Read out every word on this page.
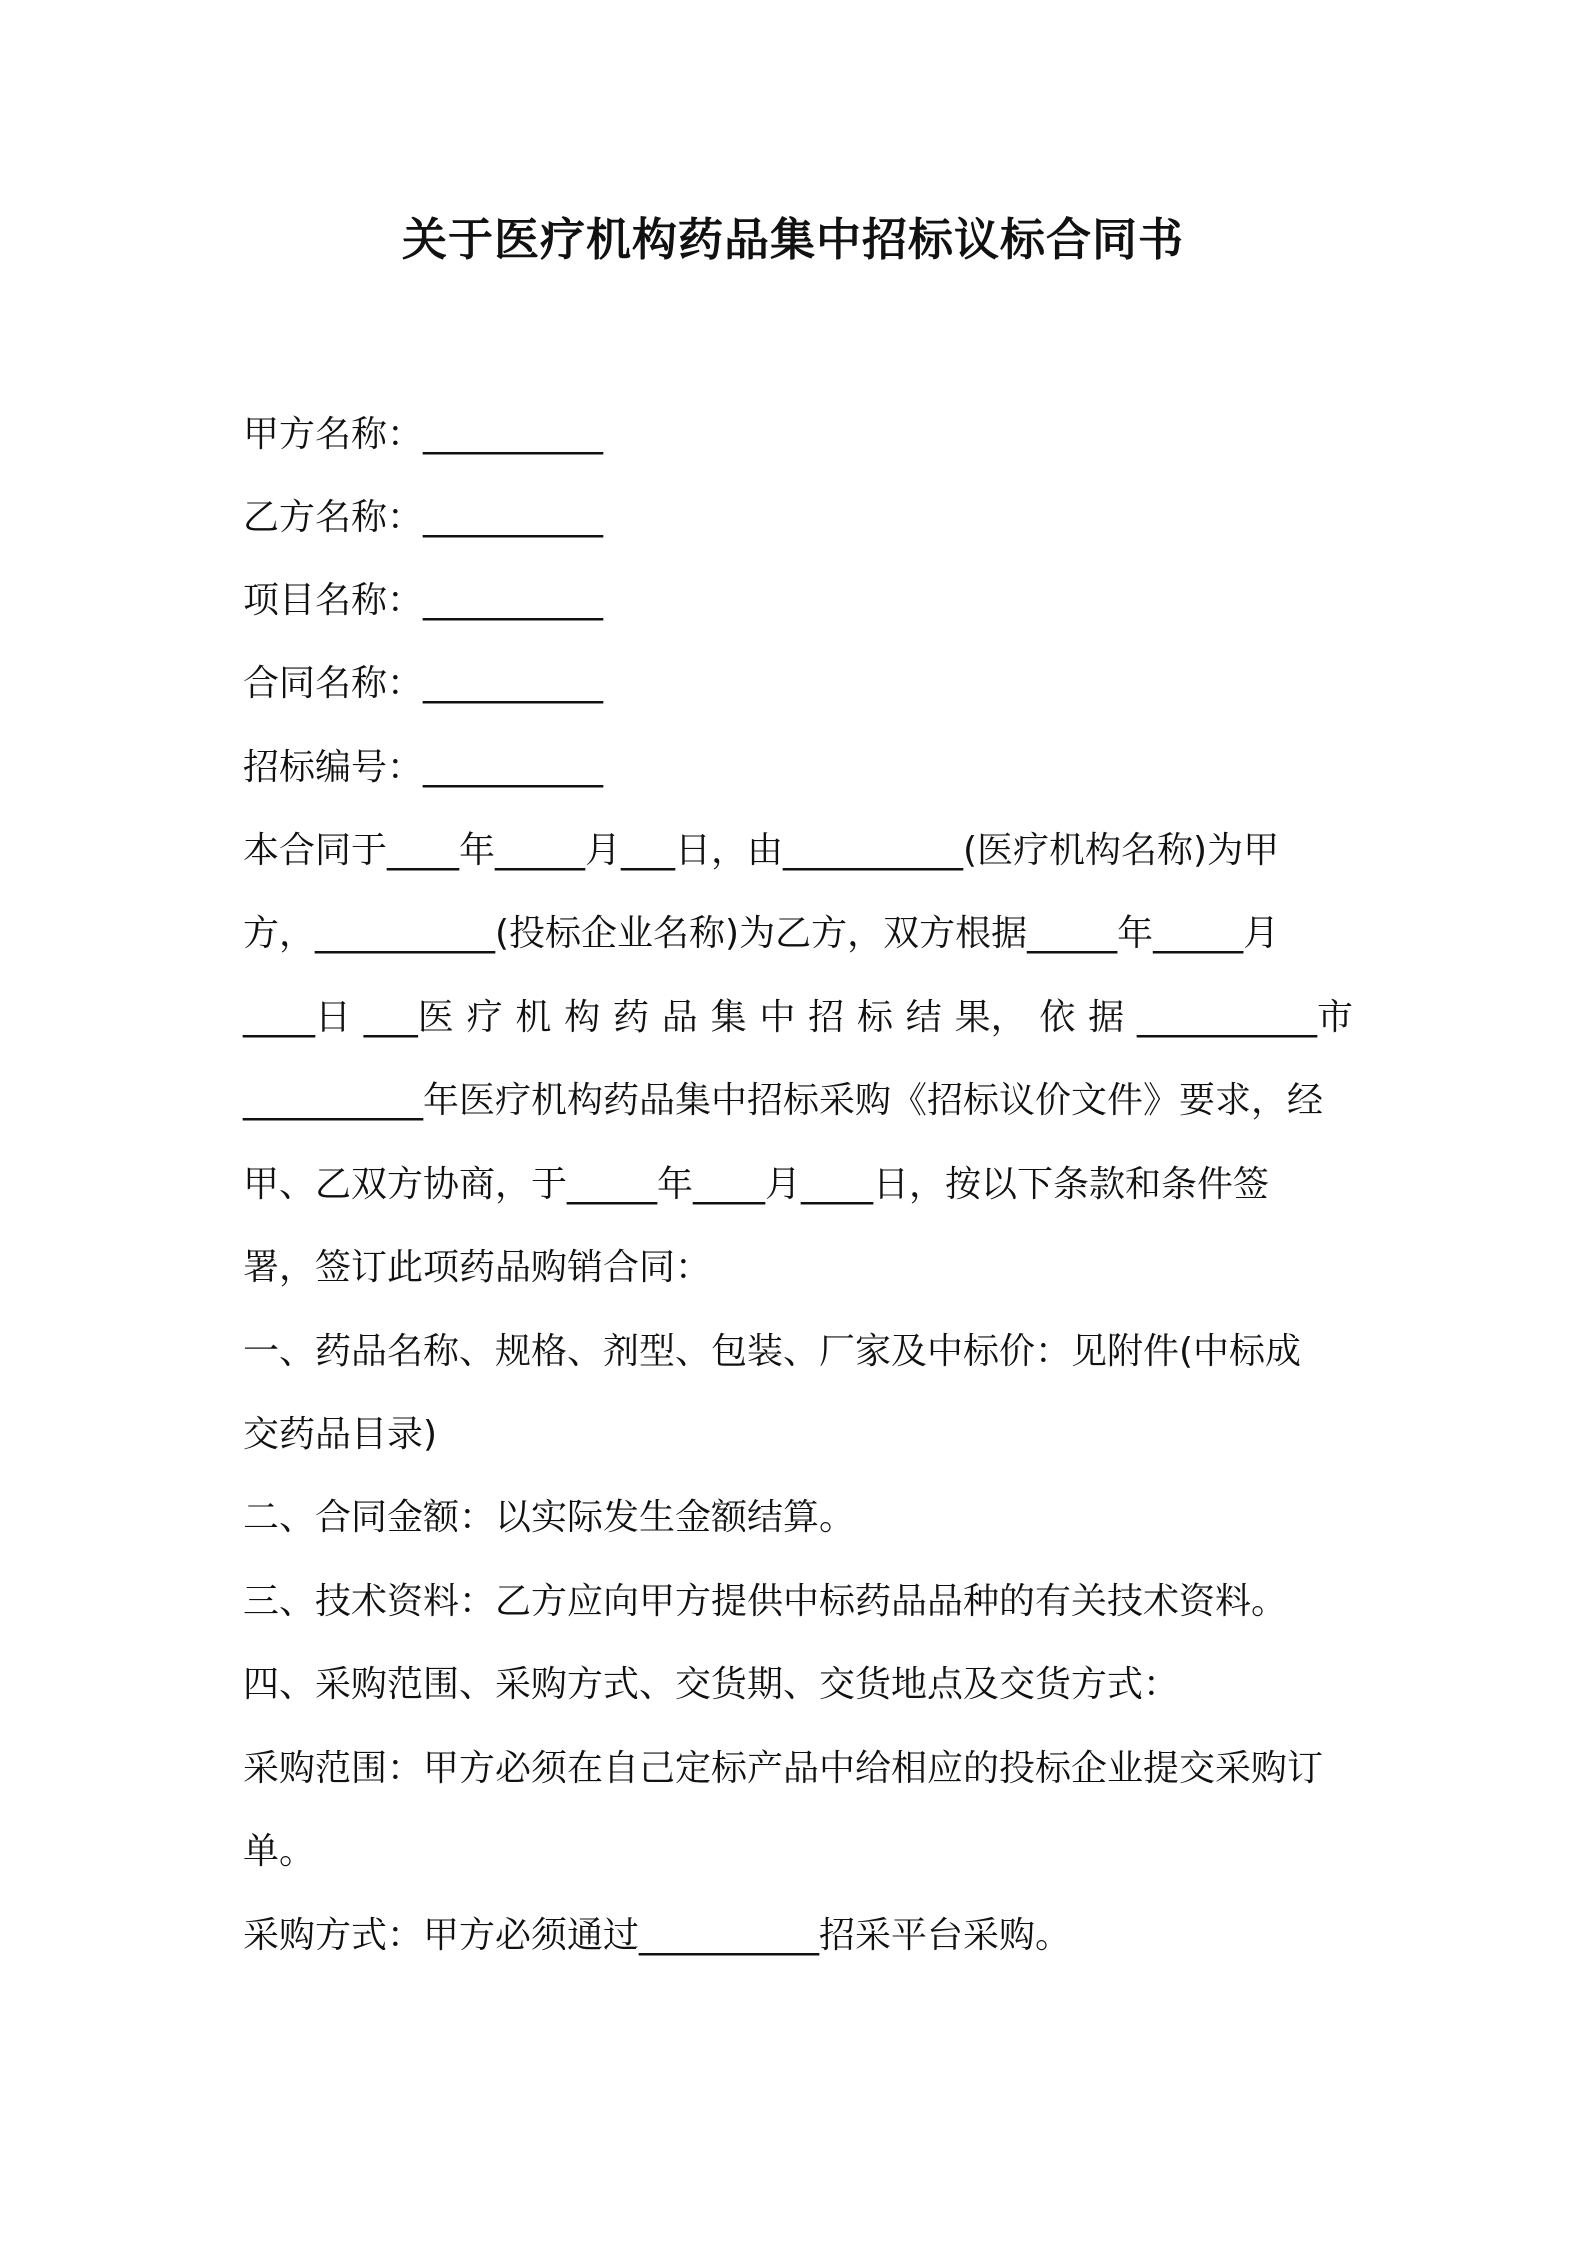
关于医疗机构药品集中招标议标合同书

甲方名称：__________

乙方名称：__________

项目名称：__________

合同名称：__________

招标编号：__________

本合同于____年_____月___日，由__________(医疗机构名称)为甲

方，__________(投标企业名称)为乙方，双方根据_____年_____月

____日 ___医 疗 机 构 药 品 集 中 招 标 结 果， 依 据 __________市

__________年医疗机构药品集中招标采购《招标议价文件》要求，经

甲、乙双方协商，于_____年____月____日，按以下条款和条件签

署，签订此项药品购销合同：

一、药品名称、规格、剂型、包装、厂家及中标价：见附件(中标成

交药品目录)

二、合同金额：以实际发生金额结算。

三、技术资料：乙方应向甲方提供中标药品品种的有关技术资料。

四、采购范围、采购方式、交货期、交货地点及交货方式：

采购范围：甲方必须在自己定标产品中给相应的投标企业提交采购订

单。

采购方式：甲方必须通过__________招采平台采购。
